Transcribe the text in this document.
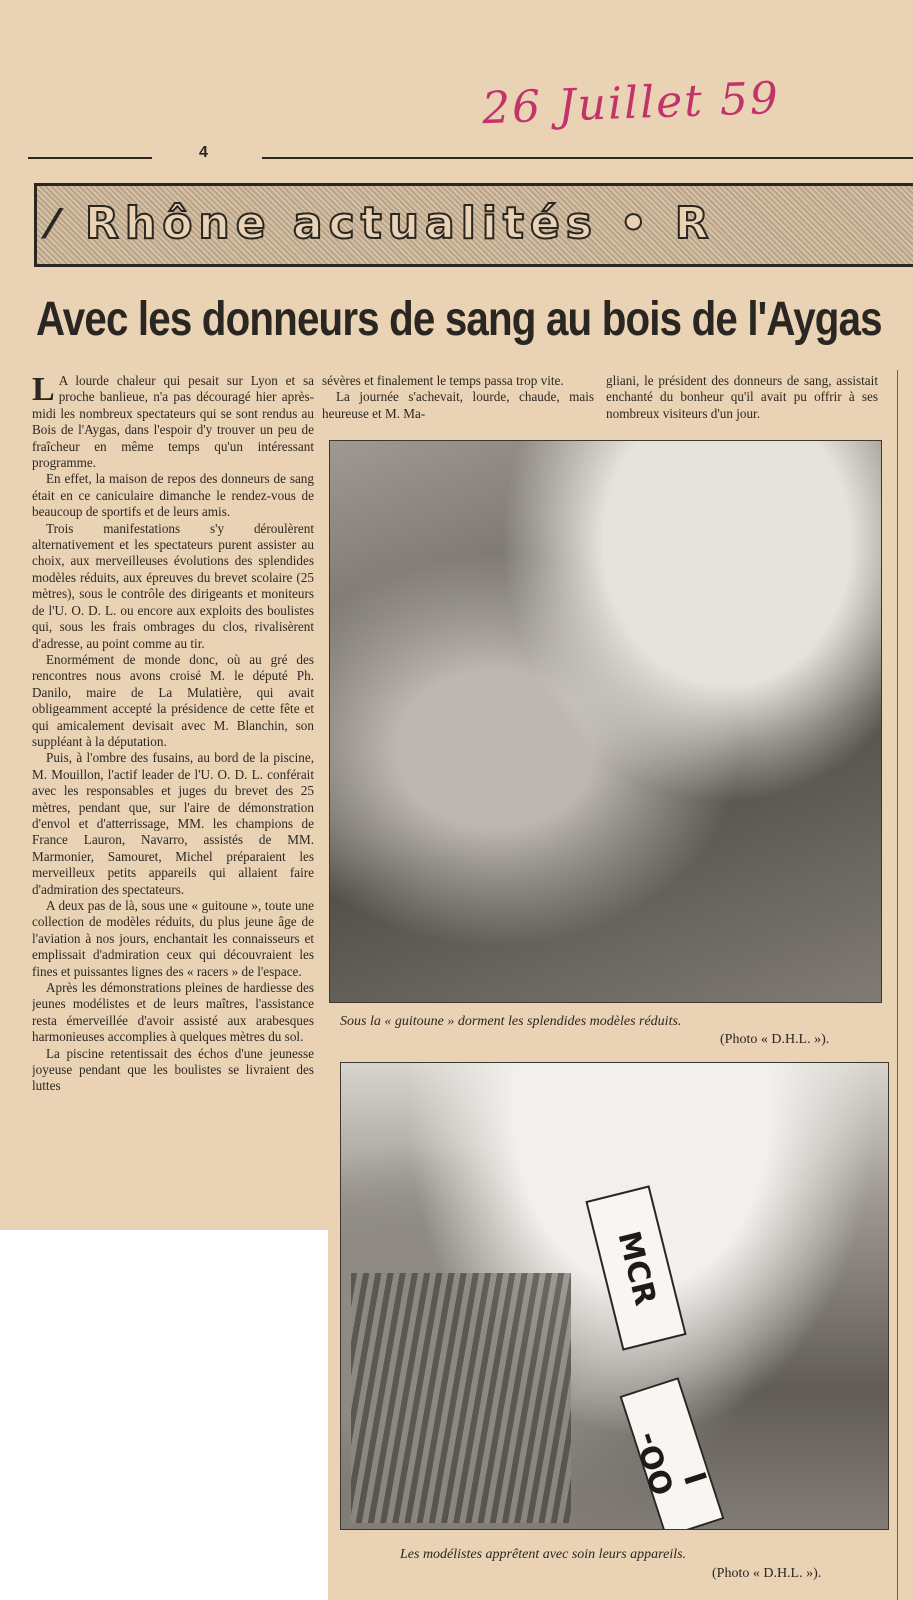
26 Juillet 59
4
⁄ Rhône actualités • R
Avec les donneurs de sang au bois de l'Aygas

L A lourde chaleur qui pesait sur Lyon et sa proche banlieue, n'a pas découragé hier après-midi les nombreux spectateurs qui se sont rendus au Bois de l'Aygas, dans l'espoir d'y trouver un peu de fraîcheur en même temps qu'un intéressant programme.

En effet, la maison de repos des donneurs de sang était en ce caniculaire dimanche le rendez-vous de beaucoup de sportifs et de leurs amis.

Trois manifestations s'y déroulèrent alternativement et les spectateurs purent assister au choix, aux merveilleuses évolutions des splendides modèles réduits, aux épreuves du brevet scolaire (25 mètres), sous le contrôle des dirigeants et moniteurs de l'U. O. D. L. ou encore aux exploits des boulistes qui, sous les frais ombrages du clos, rivalisèrent d'adresse, au point comme au tir.

Enormément de monde donc, où au gré des rencontres nous avons croisé M. le député Ph. Danilo, maire de La Mulatière, qui avait obligeamment accepté la présidence de cette fête et qui amicalement devisait avec M. Blanchin, son suppléant à la députation.

Puis, à l'ombre des fusains, au bord de la piscine, M. Mouillon, l'actif leader de l'U. O. D. L. conférait avec les responsables et juges du brevet des 25 mètres, pendant que, sur l'aire de démonstration d'envol et d'atterrissage, MM. les champions de France Lauron, Navarro, assistés de MM. Marmonier, Samouret, Michel préparaient les merveilleux petits appareils qui allaient faire d'admiration des spectateurs.

A deux pas de là, sous une « guitoune », toute une collection de modèles réduits, du plus jeune âge de l'aviation à nos jours, enchantait les connaisseurs et emplissait d'admiration ceux qui découvraient les fines et puissantes lignes des « racers » de l'espace.

Après les démonstrations pleines de hardiesse des jeunes modélistes et de leurs maîtres, l'assistance resta émerveillée d'avoir assisté aux arabesques harmonieuses accomplies à quelques mètres du sol.

La piscine retentissait des échos d'une jeunesse joyeuse pendant que les boulistes se livraient des luttes

sévères et finalement le temps passa trop vite.

La journée s'achevait, lourde, chaude, mais heureuse et M. Ma-

gliani, le président des donneurs de sang, assistait enchanté du bonheur qu'il avait pu offrir à ses nombreux visiteurs d'un jour.

Sous la « guitoune » dorment les splendides modèles réduits.
(Photo « D.H.L. »).
MCR
OO-I
Les modélistes apprêtent avec soin leurs appareils.
(Photo « D.H.L. »).
